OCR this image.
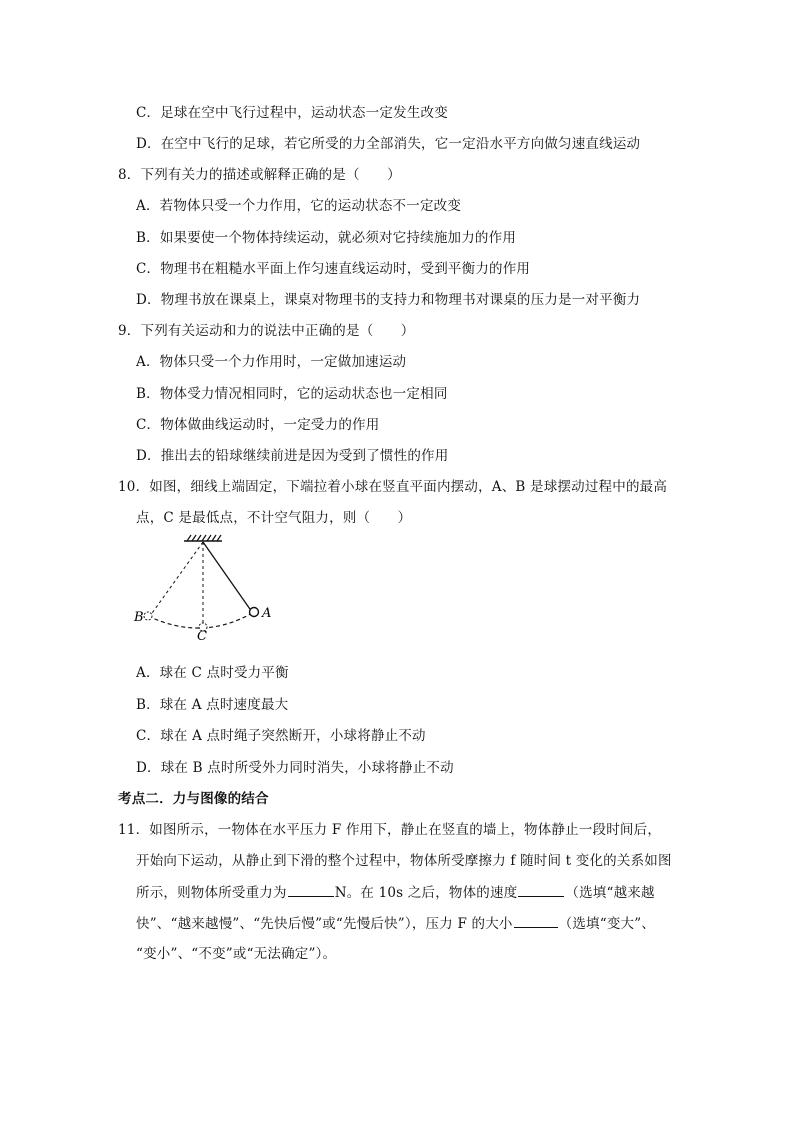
C．足球在空中飞行过程中，运动状态一定发生改变
D．在空中飞行的足球，若它所受的力全部消失，它一定沿水平方向做匀速直线运动
8．下列有关力的描述或解释正确的是（　　）
A．若物体只受一个力作用，它的运动状态不一定改变
B．如果要使一个物体持续运动，就必须对它持续施加力的作用
C．物理书在粗糙水平面上作匀速直线运动时，受到平衡力的作用
D．物理书放在课桌上，课桌对物理书的支持力和物理书对课桌的压力是一对平衡力
9．下列有关运动和力的说法中正确的是（　　）
A．物体只受一个力作用时，一定做加速运动
B．物体受力情况相同时，它的运动状态也一定相同
C．物体做曲线运动时，一定受力的作用
D．推出去的铅球继续前进是因为受到了惯性的作用
10．如图，细线上端固定，下端拉着小球在竖直平面内摆动，A、B 是球摆动过程中的最高
点，C 是最低点，不计空气阻力，则（　　）
A
B
C
A．球在 C 点时受力平衡
B．球在 A 点时速度最大
C．球在 A 点时绳子突然断开，小球将静止不动
D．球在 B 点时所受外力同时消失，小球将静止不动
考点二．力与图像的结合
11．如图所示，一物体在水平压力 F 作用下，静止在竖直的墙上，物体静止一段时间后，
开始向下运动，从静止到下滑的整个过程中，物体所受摩擦力 f 随时间 t 变化的关系如图
所示，则物体所受重力为	N。在 10s 之后，物体的速度	（选填“越来越
快”、“越来越慢”、“先快后慢”或“先慢后快”），压力 F 的大小	（选填“变大”、
“变小”、“不变”或“无法确定”）。
